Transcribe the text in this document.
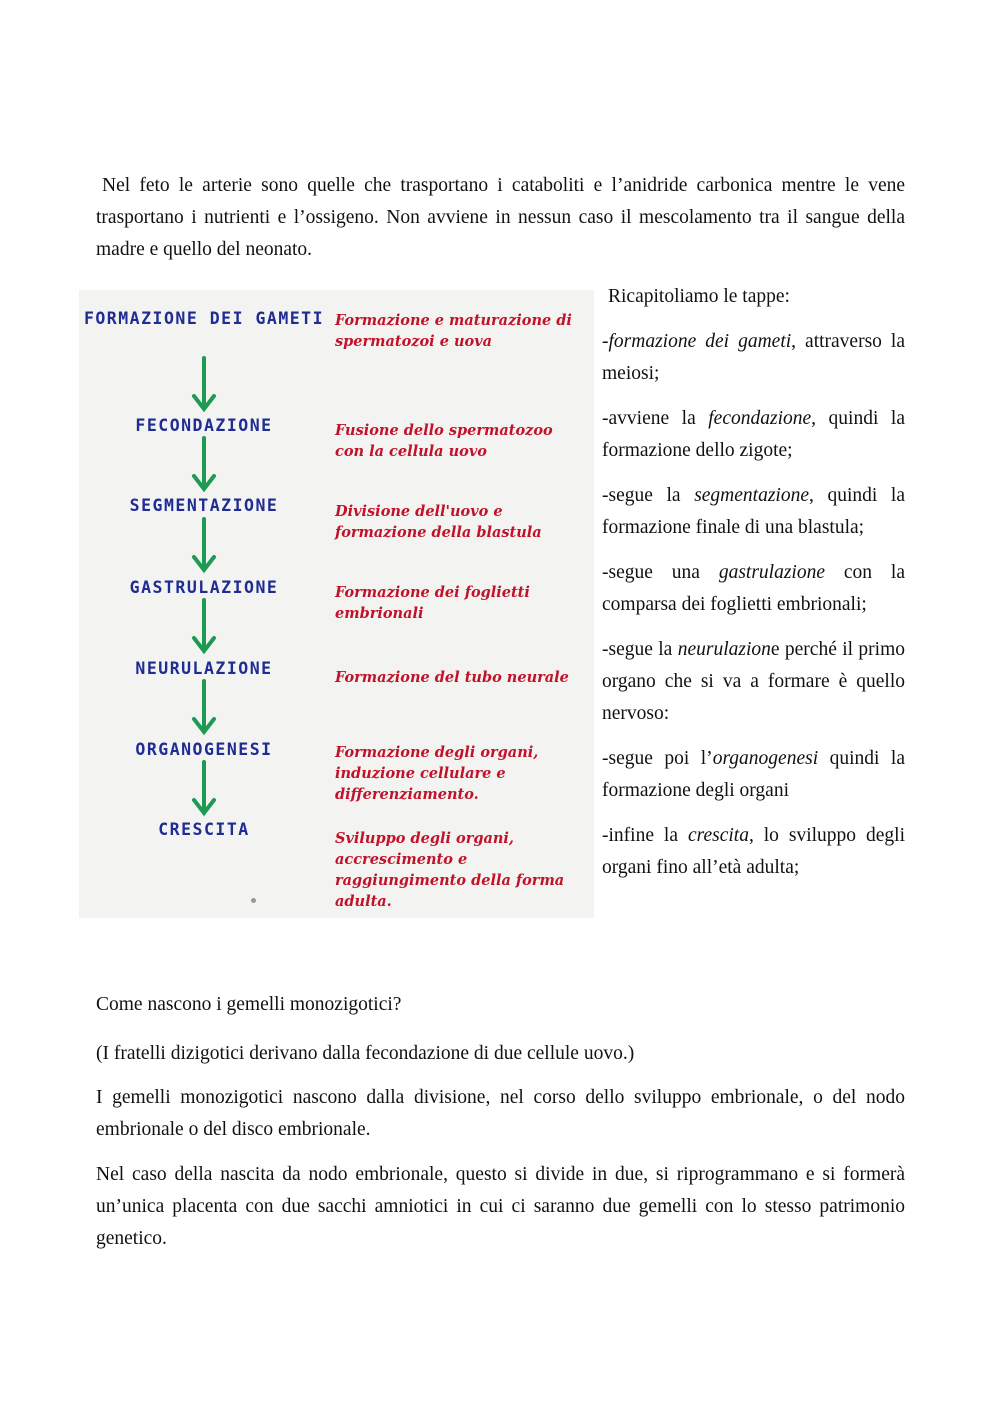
Nel feto le arterie sono quelle che trasportano i cataboliti e l’anidride carbonica mentre le vene trasportano i nutrienti e l’ossigeno. Non avviene in nessun caso il mescolamento tra il sangue della madre e quello del neonato.

FORMAZIONE DEI GAMETI
FECONDAZIONE
SEGMENTAZIONE
GASTRULAZIONE
NEURULAZIONE
ORGANOGENESI
CRESCITA
Formazione e maturazione di spermatozoi e uova
Fusione dello spermatozoo con la cellula uovo
Divisione dell'uovo e formazione della blastula
Formazione dei foglietti embrionali
Formazione del tubo neurale
Formazione degli organi, induzione cellulare e differenziamento.
Sviluppo degli organi, accrescimento e raggiungimento della forma adulta.

Ricapitoliamo le tappe:

-formazione dei gameti, attraverso la meiosi;

-avviene la fecondazione, quindi la formazione dello zigote;

-segue la segmentazione, quindi la formazione finale di una blastula;

-segue una gastrulazione con la comparsa dei foglietti embrionali;

-segue la neurulazione perché il primo organo che si va a formare è quello nervoso:

-segue poi l’organogenesi quindi la formazione degli organi

-infine la crescita, lo sviluppo degli organi fino all’età adulta;

Come nascono i gemelli monozigotici?

(I fratelli dizigotici derivano dalla fecondazione di due cellule uovo.)

I gemelli monozigotici nascono dalla divisione, nel corso dello sviluppo embrionale, o del nodo embrionale o del disco embrionale.

Nel caso della nascita da nodo embrionale, questo si divide in due, si riprogrammano e si formerà un’unica placenta con due sacchi amniotici in cui ci saranno due gemelli con lo stesso patrimonio genetico.
